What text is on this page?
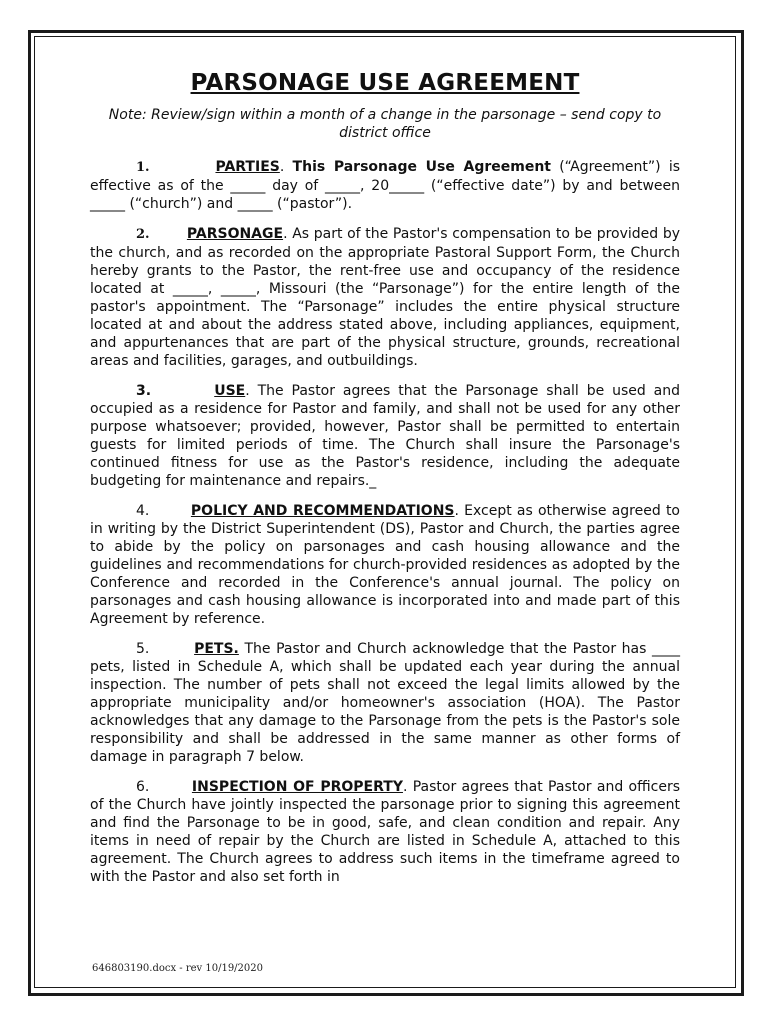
PARSONAGE USE AGREEMENT

Note: Review/sign within a month of a change in the parsonage – send copy to district office

1.	PARTIES. This Parsonage Use Agreement (“Agreement”) is effective as of the _____ day of _____, 20_____ (“effective date”) by and between _____ (“church”) and _____ (“pastor”).

2.	PARSONAGE. As part of the Pastor's compensation to be provided by the church, and as recorded on the appropriate Pastoral Support Form, the Church hereby grants to the Pastor, the rent-free use and occupancy of the residence located at _____, _____, Missouri (the “Parsonage”) for the entire length of the pastor's appointment. The “Parsonage” includes the entire physical structure located at and about the address stated above, including appliances, equipment, and appurtenances that are part of the physical structure, grounds, recreational areas and facilities, garages, and outbuildings.

3.	USE. The Pastor agrees that the Parsonage shall be used and occupied as a residence for Pastor and family, and shall not be used for any other purpose whatsoever; provided, however, Pastor shall be permitted to entertain guests for limited periods of time. The Church shall insure the Parsonage's continued fitness for use as the Pastor's residence, including the adequate budgeting for maintenance and repairs._

4.	POLICY AND RECOMMENDATIONS. Except as otherwise agreed to in writing by the District Superintendent (DS), Pastor and Church, the parties agree to abide by the policy on parsonages and cash housing allowance and the guidelines and recommendations for church-provided residences as adopted by the Conference and recorded in the Conference's annual journal. The policy on parsonages and cash housing allowance is incorporated into and made part of this Agreement by reference.

5.	PETS. The Pastor and Church acknowledge that the Pastor has ____ pets, listed in Schedule A, which shall be updated each year during the annual inspection. The number of pets shall not exceed the legal limits allowed by the appropriate municipality and/or homeowner's association (HOA). The Pastor acknowledges that any damage to the Parsonage from the pets is the Pastor's sole responsibility and shall be addressed in the same manner as other forms of damage in paragraph 7 below.

6.	INSPECTION OF PROPERTY. Pastor agrees that Pastor and officers of the Church have jointly inspected the parsonage prior to signing this agreement and find the Parsonage to be in good, safe, and clean condition and repair. Any items in need of repair by the Church are listed in Schedule A, attached to this agreement. The Church agrees to address such items in the timeframe agreed to with the Pastor and also set forth in

646803190.docx - rev 10/19/2020
